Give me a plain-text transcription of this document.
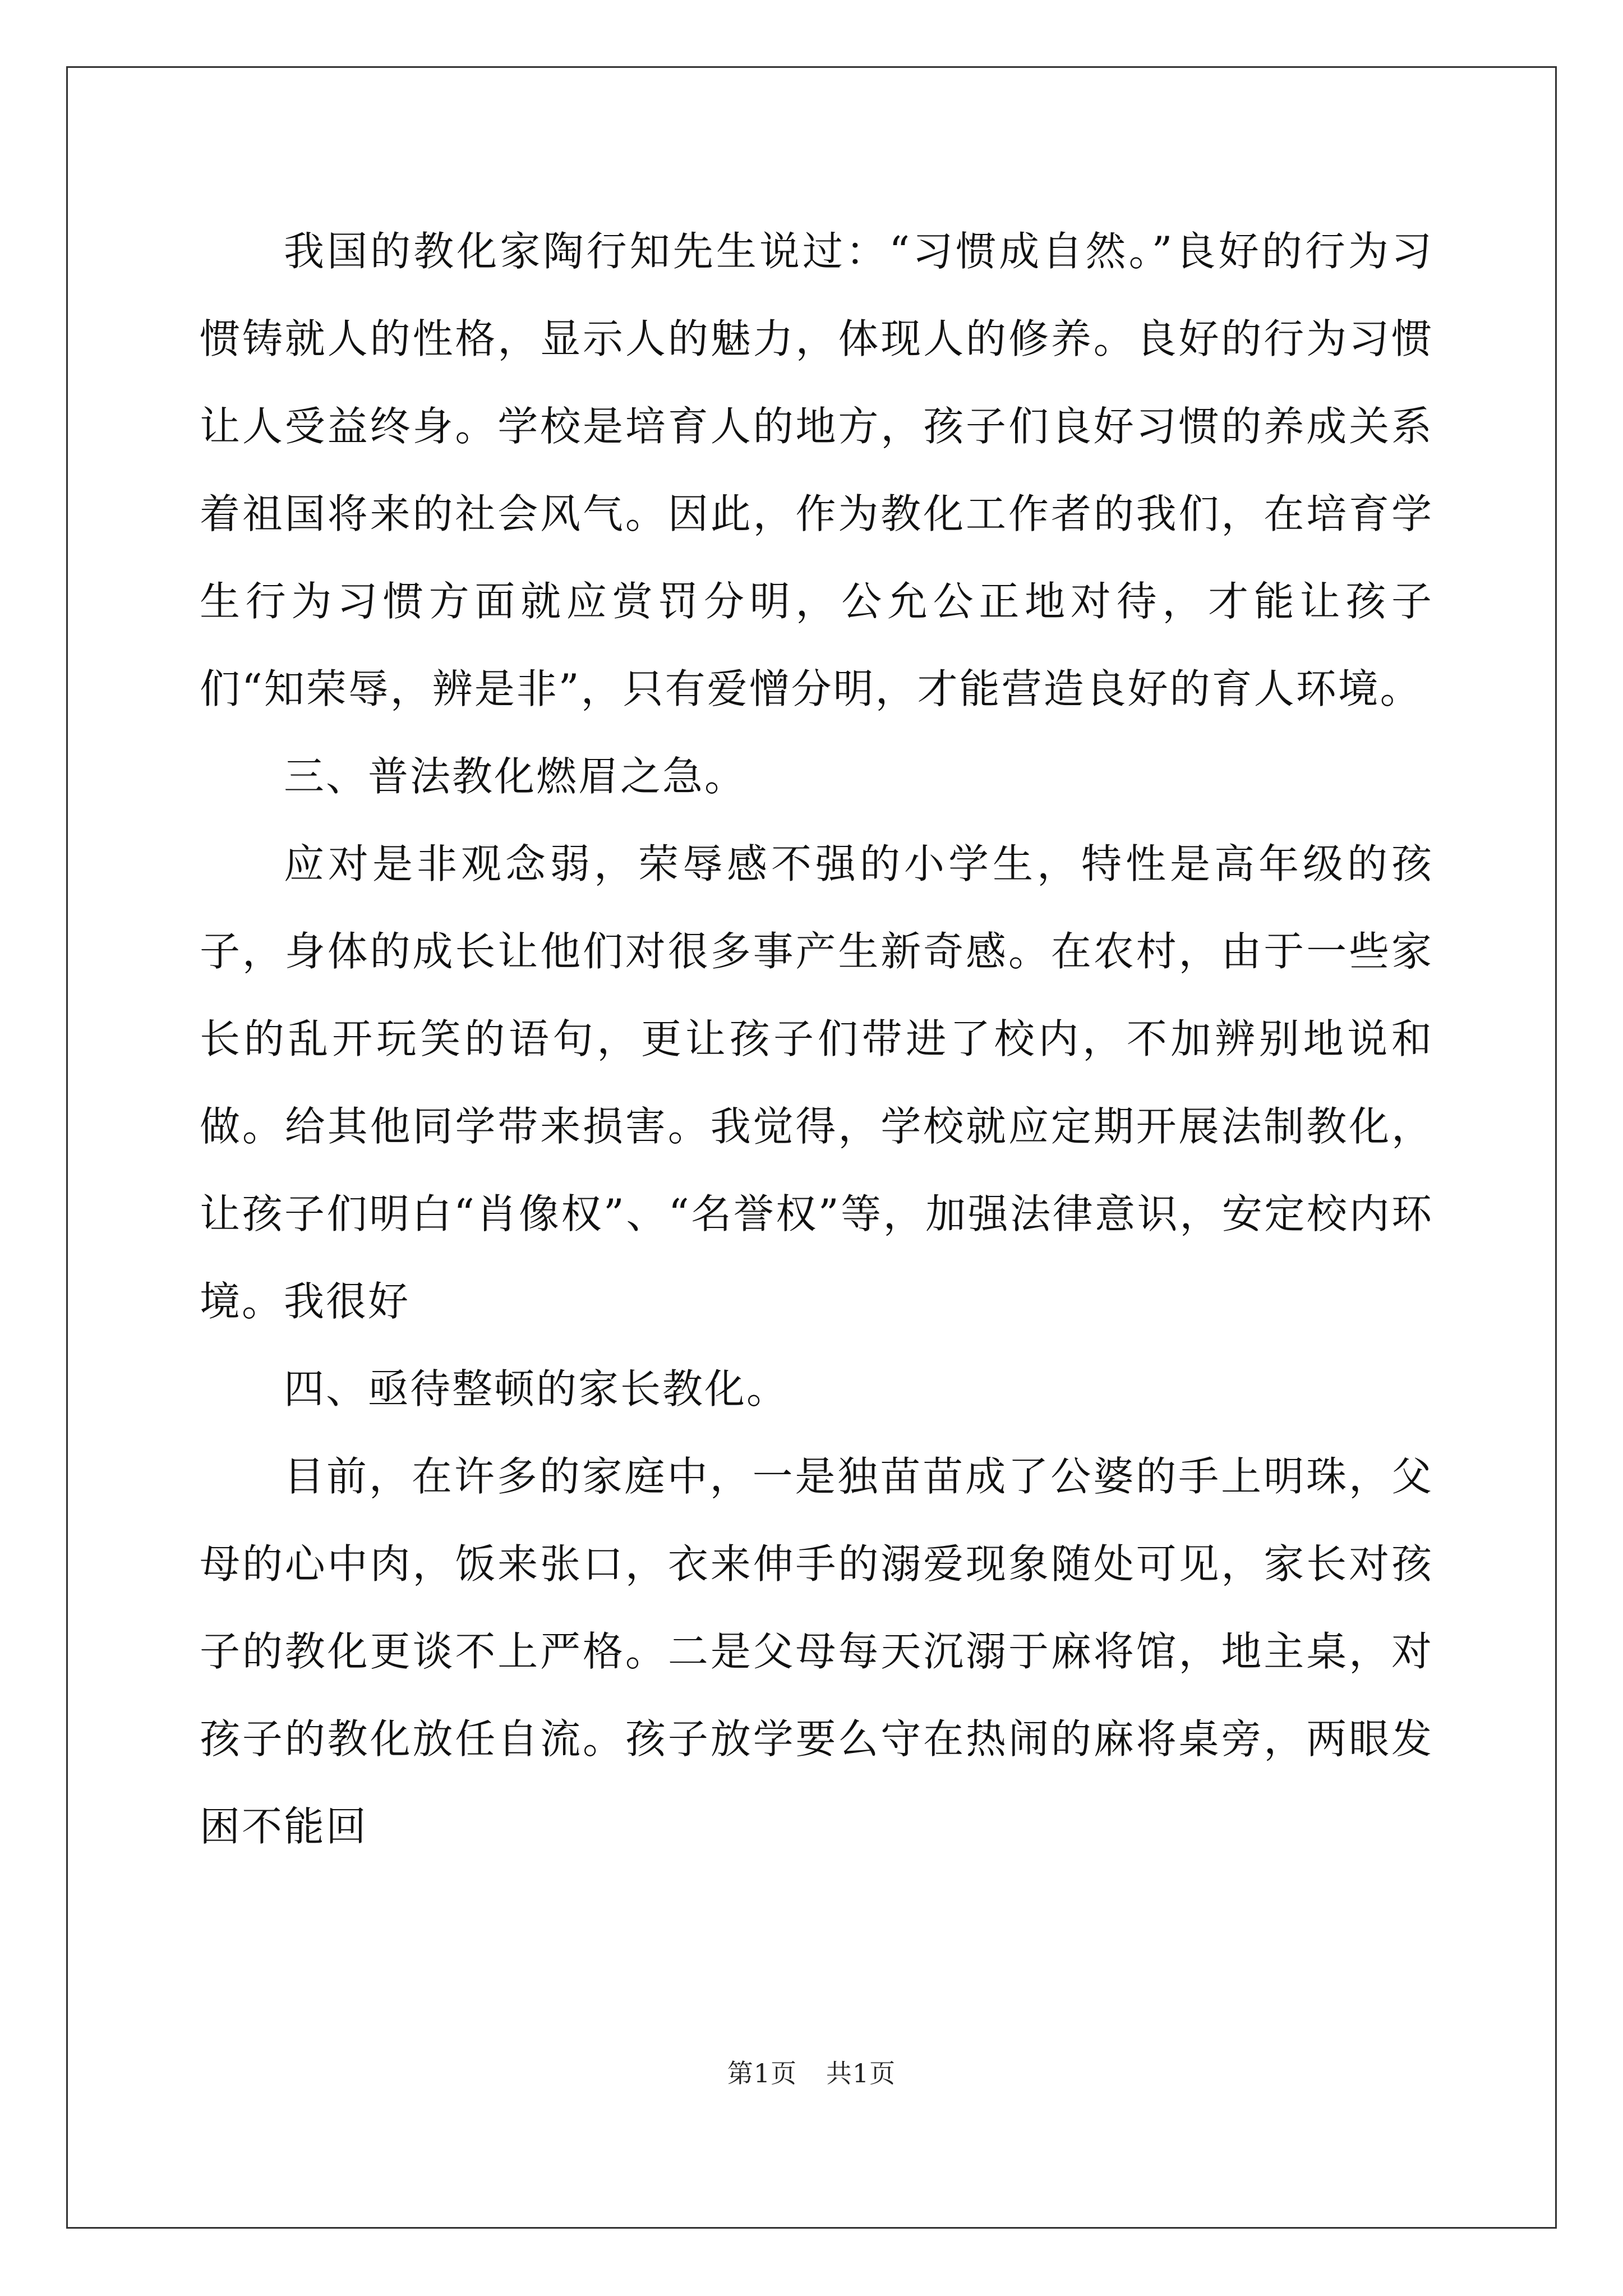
我国的教化家陶行知先生说过：“习惯成自然。”良好的行为习惯铸就人的性格，显示人的魅力，体现人的修养。良好的行为习惯让人受益终身。学校是培育人的地方，孩子们良好习惯的养成关系着祖国将来的社会风气。因此，作为教化工作者的我们，在培育学生行为习惯方面就应赏罚分明，公允公正地对待，才能让孩子们“知荣辱，辨是非”，只有爱憎分明，才能营造良好的育人环境。

三、普法教化燃眉之急。

应对是非观念弱，荣辱感不强的小学生，特性是高年级的孩子，身体的成长让他们对很多事产生新奇感。在农村，由于一些家长的乱开玩笑的语句，更让孩子们带进了校内，不加辨别地说和做。给其他同学带来损害。我觉得，学校就应定期开展法制教化，让孩子们明白“肖像权”、“名誉权”等，加强法律意识，安定校内环境。我很好

四、亟待整顿的家长教化。

目前，在许多的家庭中，一是独苗苗成了公婆的手上明珠，父母的心中肉，饭来张口，衣来伸手的溺爱现象随处可见，家长对孩子的教化更谈不上严格。二是父母每天沉溺于麻将馆，地主桌，对孩子的教化放任自流。孩子放学要么守在热闹的麻将桌旁，两眼发困不能回

第1页 共1页
